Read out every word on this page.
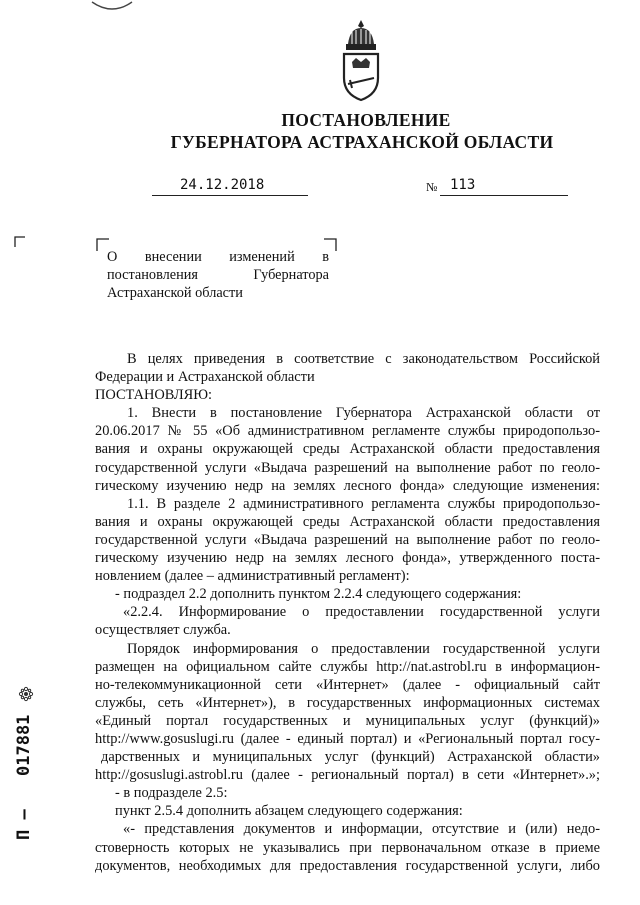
ПОСТАНОВЛЕНИЕ
ГУБЕРНАТОРА АСТРАХАНСКОЙ ОБЛАСТИ
24.12.2018	№ 113
О внесении изменений в постановления Губернатора Астраханской области

В целях приведения в соответствие с законодательством Российской

Федерации и Астраханской области

ПОСТАНОВЛЯЮ:

1. Внести в постановление Губернатора Астраханской области от

20.06.2017 № 55 «Об административном регламенте службы природопользо-

вания и охраны окружающей среды Астраханской области предоставления

государственной услуги «Выдача разрешений на выполнение работ по геоло-

гическому изучению недр на землях лесного фонда» следующие изменения:

1.1. В разделе 2 административного регламента службы природопользо-

вания и охраны окружающей среды Астраханской области предоставления

государственной услуги «Выдача разрешений на выполнение работ по геоло-

гическому изучению недр на землях лесного фонда», утвержденного поста-

новлением (далее – административный регламент):

- подраздел 2.2 дополнить пунктом 2.2.4 следующего содержания:

«2.2.4. Информирование о предоставлении государственной услуги

осуществляет служба.

Порядок информирования о предоставлении государственной услуги

размещен на официальном сайте службы http://nat.astrobl.ru в информацион-

но-телекоммуникационной сети «Интернет» (далее - официальный сайт

службы, сеть «Интернет»), в государственных информационных системах

«Единый портал государственных и муниципальных услуг (функций)»

http://www.gosuslugi.ru (далее - единый портал) и «Региональный портал госу-

дарственных и муниципальных услуг (функций) Астраханской области»

http://gosuslugi.astrobl.ru (далее - региональный портал) в сети «Интернет».»;

- в подразделе 2.5:

пункт 2.5.4 дополнить абзацем следующего содержания:

«- представления документов и информации, отсутствие и (или) недо-

стоверность которых не указывались при первоначальном отказе в приеме

документов, необходимых для предоставления государственной услуги, либо

017881
П –
